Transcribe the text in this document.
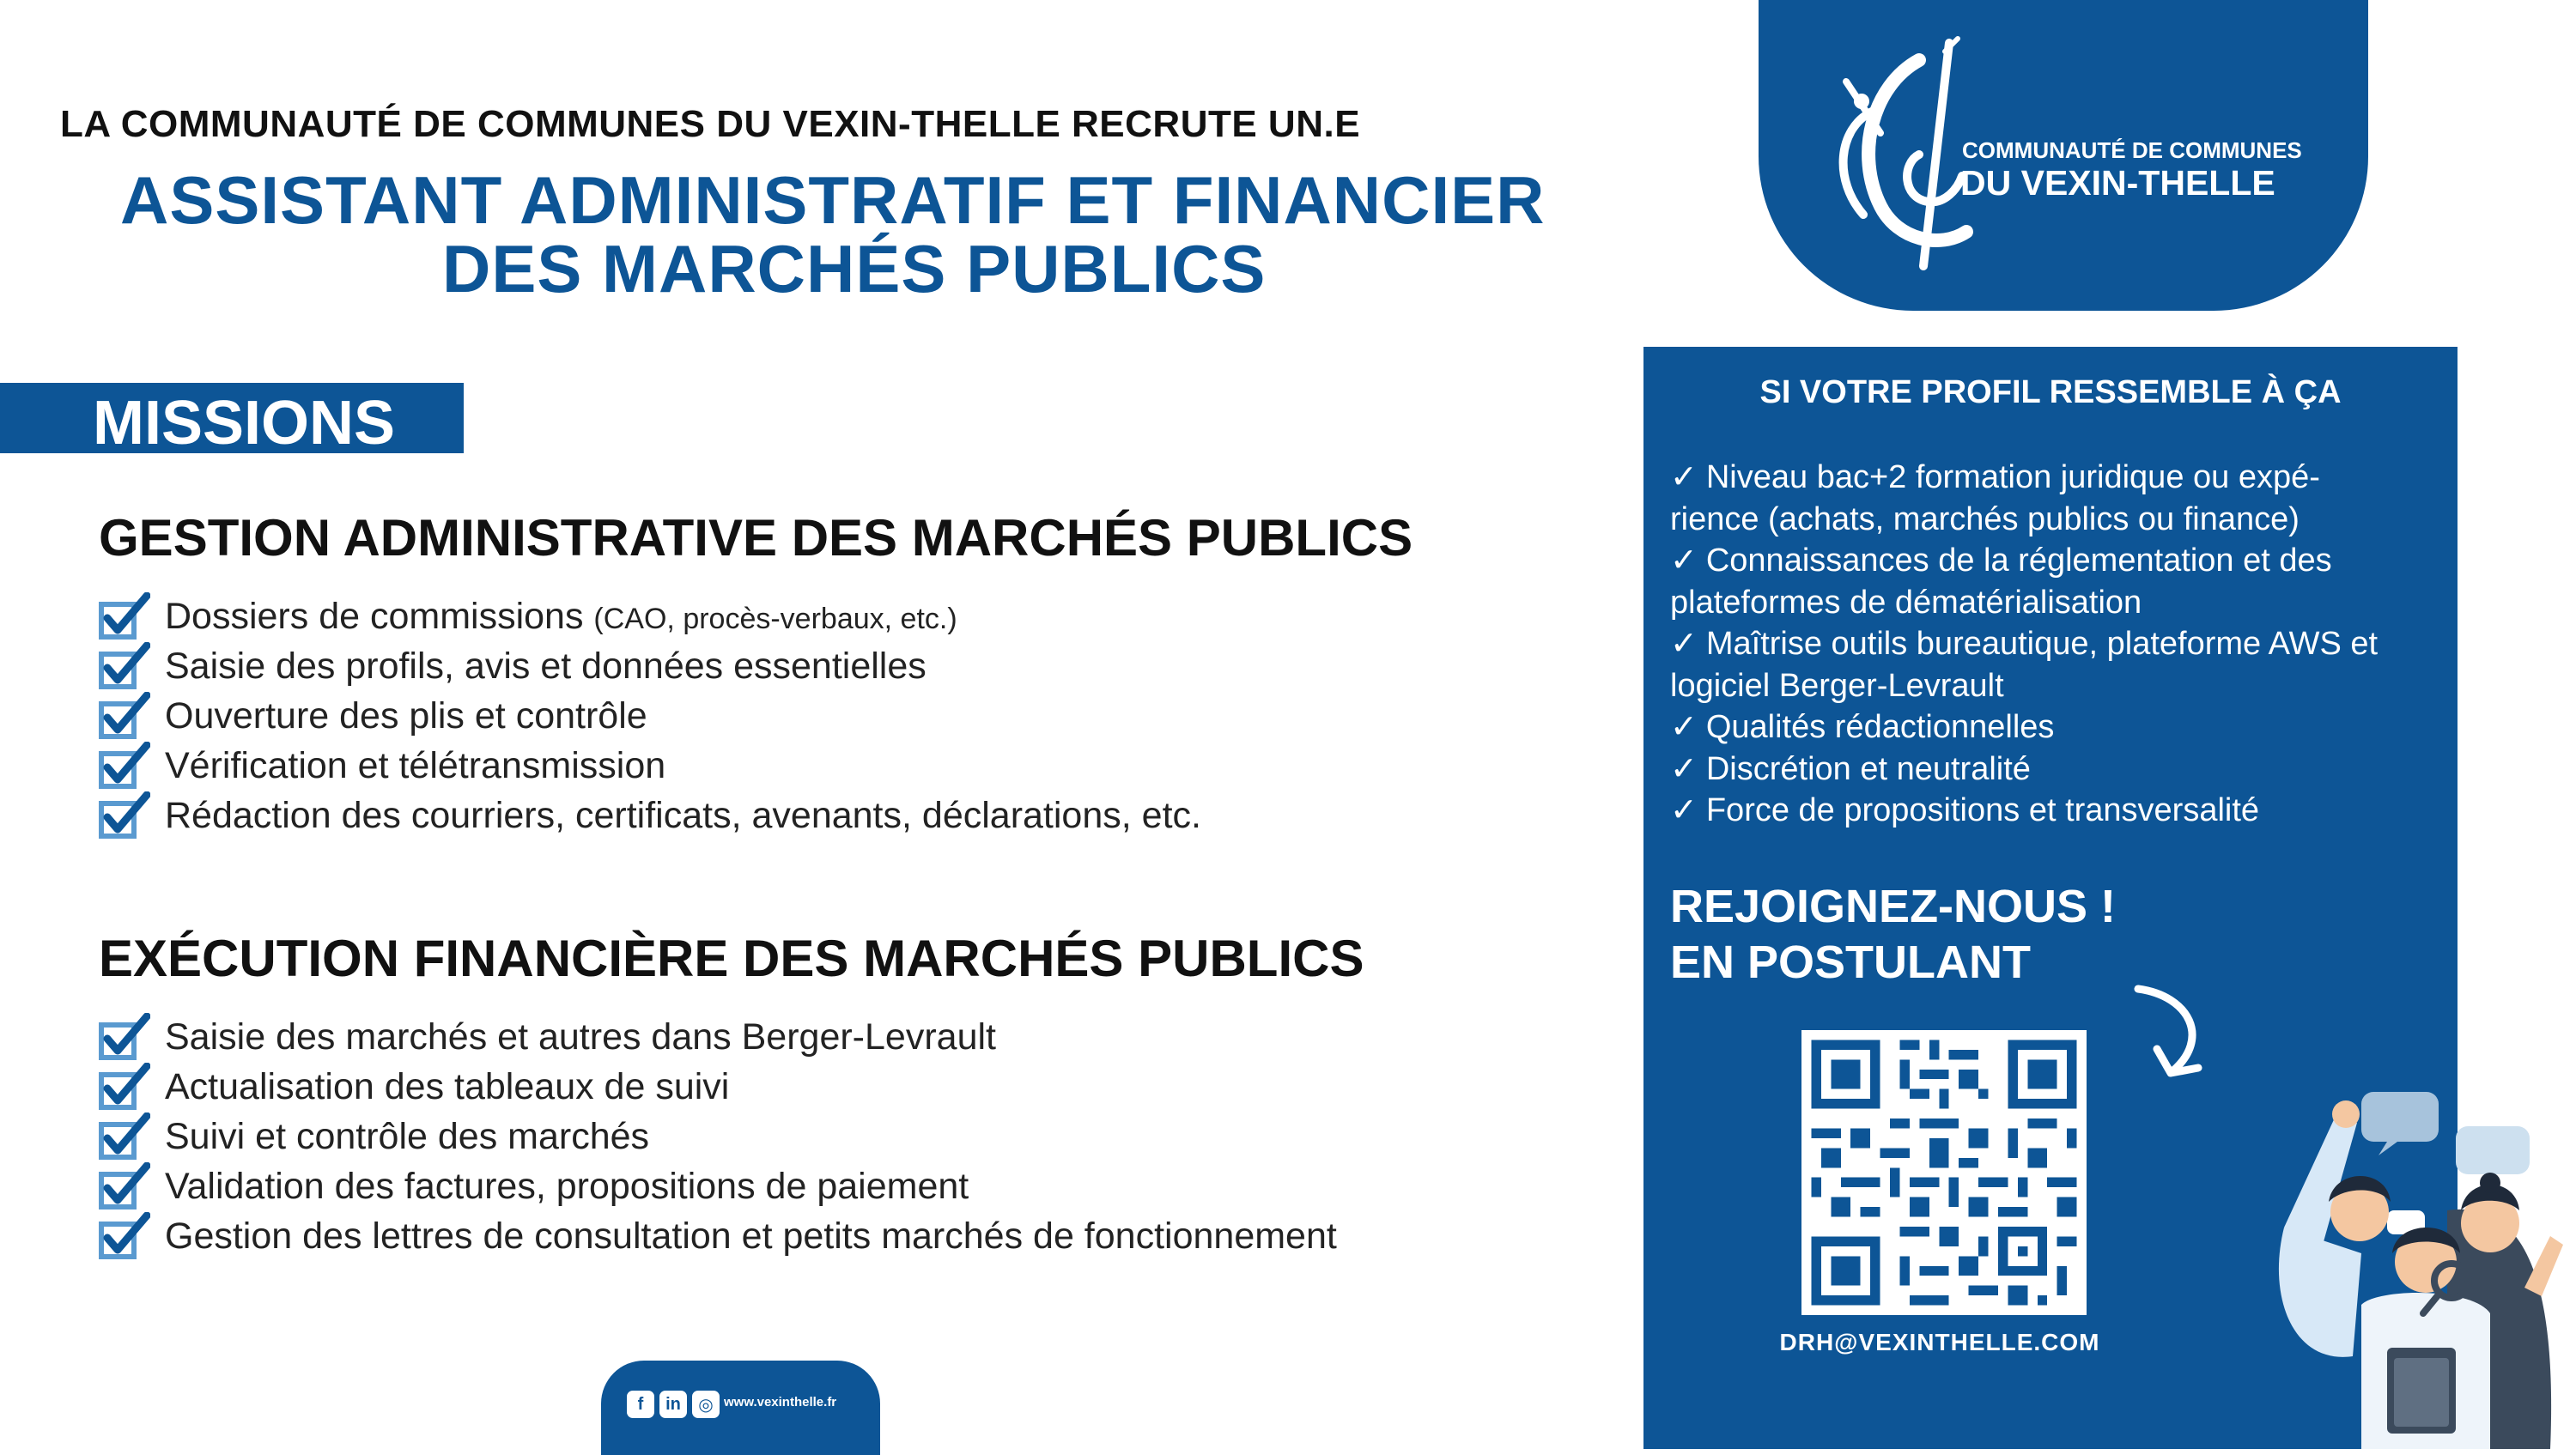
LA COMMUNAUTÉ DE COMMUNES DU VEXIN-THELLE RECRUTE UN.E
ASSISTANT ADMINISTRATIF ET FINANCIER
DES MARCHÉS PUBLICS
COMMUNAUTÉ DE COMMUNES
DU VEXIN-THELLE
MISSIONS
GESTION ADMINISTRATIVE DES MARCHÉS PUBLICS
Dossiers de commissions (CAO, procès-verbaux, etc.)
Saisie des profils, avis et données essentielles
Ouverture des plis et contrôle
Vérification et télétransmission
Rédaction des courriers, certificats, avenants, déclarations, etc.
EXÉCUTION FINANCIÈRE DES MARCHÉS PUBLICS
Saisie des marchés et autres dans Berger-Levrault
Actualisation des tableaux de suivi
Suivi et contrôle des marchés
Validation des factures, propositions de paiement
Gestion des lettres de consultation et petits marchés de fonctionnement
SI VOTRE PROFIL RESSEMBLE À ÇA
✓ Niveau bac+2 formation juridique ou expé-
rience (achats, marchés publics ou finance)
✓ Connaissances de la réglementation et des
plateformes de dématérialisation
✓ Maîtrise outils bureautique, plateforme AWS et
logiciel Berger-Levrault
✓ Qualités rédactionnelles
✓ Discrétion et neutralité
✓ Force de propositions et transversalité
REJOIGNEZ-NOUS !
EN POSTULANT
DRH@VEXINTHELLE.COM
f	in	◎ www.vexinthelle.fr
